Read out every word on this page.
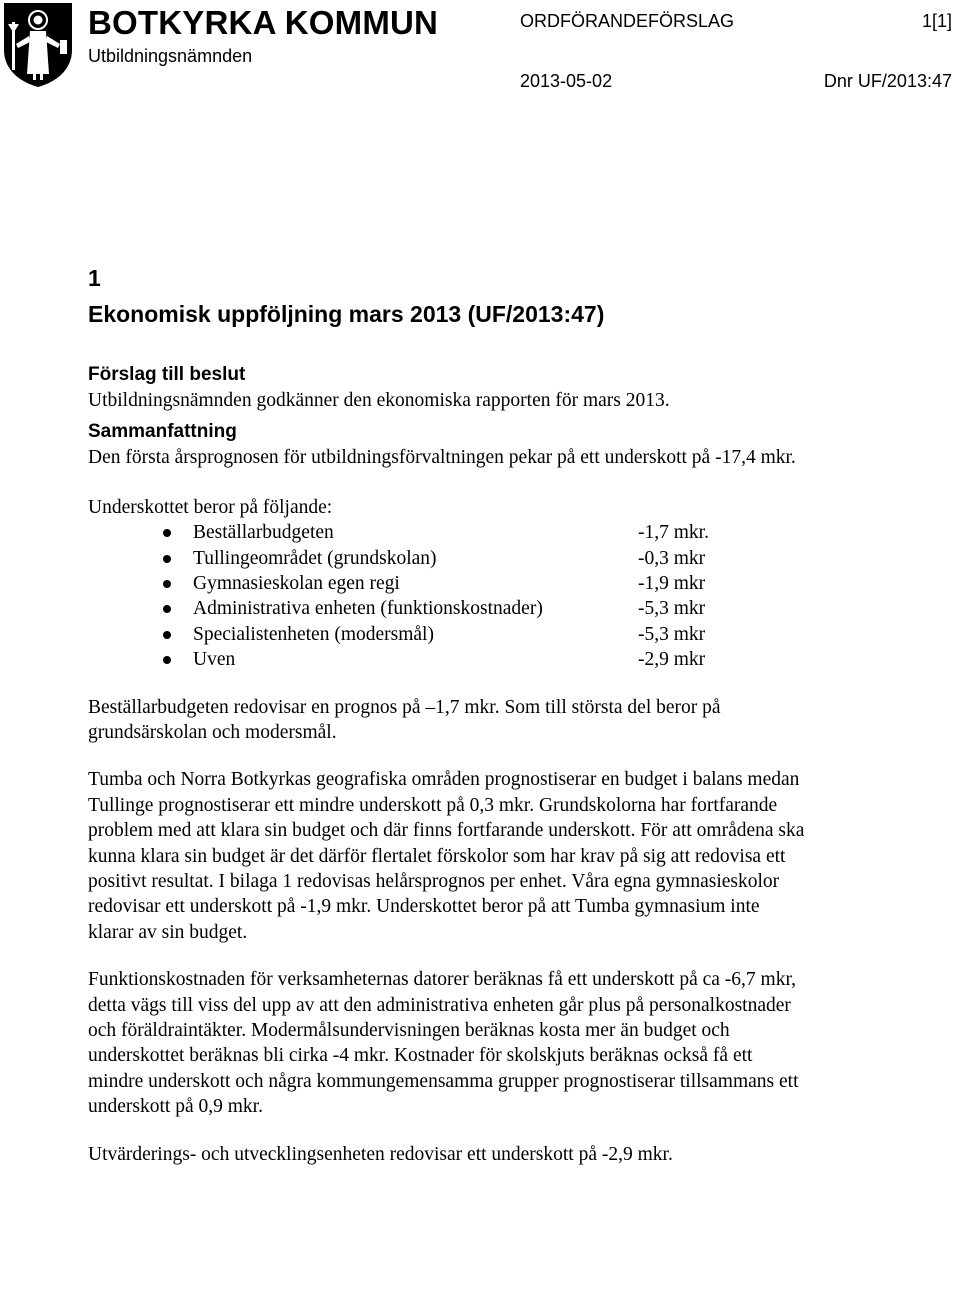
BOTKYRKA KOMMUN
Utbildningsnämnden
ORDFÖRANDEFÖRSLAG	1[1]
2013-05-02	Dnr UF/2013:47
1
Ekonomisk uppföljning mars 2013 (UF/2013:47)
Förslag till beslut

Utbildningsnämnden godkänner den ekonomiska rapporten för mars 2013.

Sammanfattning

Den första årsprognosen för utbildningsförvaltningen pekar på ett underskott på -17,4 mkr.

Underskottet beror på följande:

Beställarbudgeten	-1,7 mkr.
Tullingeområdet (grundskolan)	-0,3 mkr
Gymnasieskolan egen regi	-1,9 mkr
Administrativa enheten (funktionskostnader)	-5,3 mkr
Specialistenheten (modersmål)	-5,3 mkr
Uven	-2,9 mkr

Beställarbudgeten redovisar en prognos på –1,7 mkr. Som till största del beror på grundsärskolan och modersmål.

Tumba och Norra Botkyrkas geografiska områden prognostiserar en budget i balans medan Tullinge prognostiserar ett mindre underskott på 0,3 mkr. Grundskolorna har fortfarande problem med att klara sin budget och där finns fortfarande underskott. För att områdena ska kunna klara sin budget är det därför flertalet förskolor som har krav på sig att redovisa ett positivt resultat. I bilaga 1 redovisas helårsprognos per enhet. Våra egna gymnasieskolor redovisar ett underskott på -1,9 mkr. Underskottet beror på att Tumba gymnasium inte klarar av sin budget.

Funktionskostnaden för verksamheternas datorer beräknas få ett underskott på ca -6,7 mkr, detta vägs till viss del upp av att den administrativa enheten går plus på personalkostnader och föräldraintäkter. Modermålsundervisningen beräknas kosta mer än budget och underskottet beräknas bli cirka -4 mkr. Kostnader för skolskjuts beräknas också få ett mindre underskott och några kommungemensamma grupper prognostiserar tillsammans ett underskott på 0,9 mkr.

Utvärderings- och utvecklingsenheten redovisar ett underskott på -2,9 mkr.
